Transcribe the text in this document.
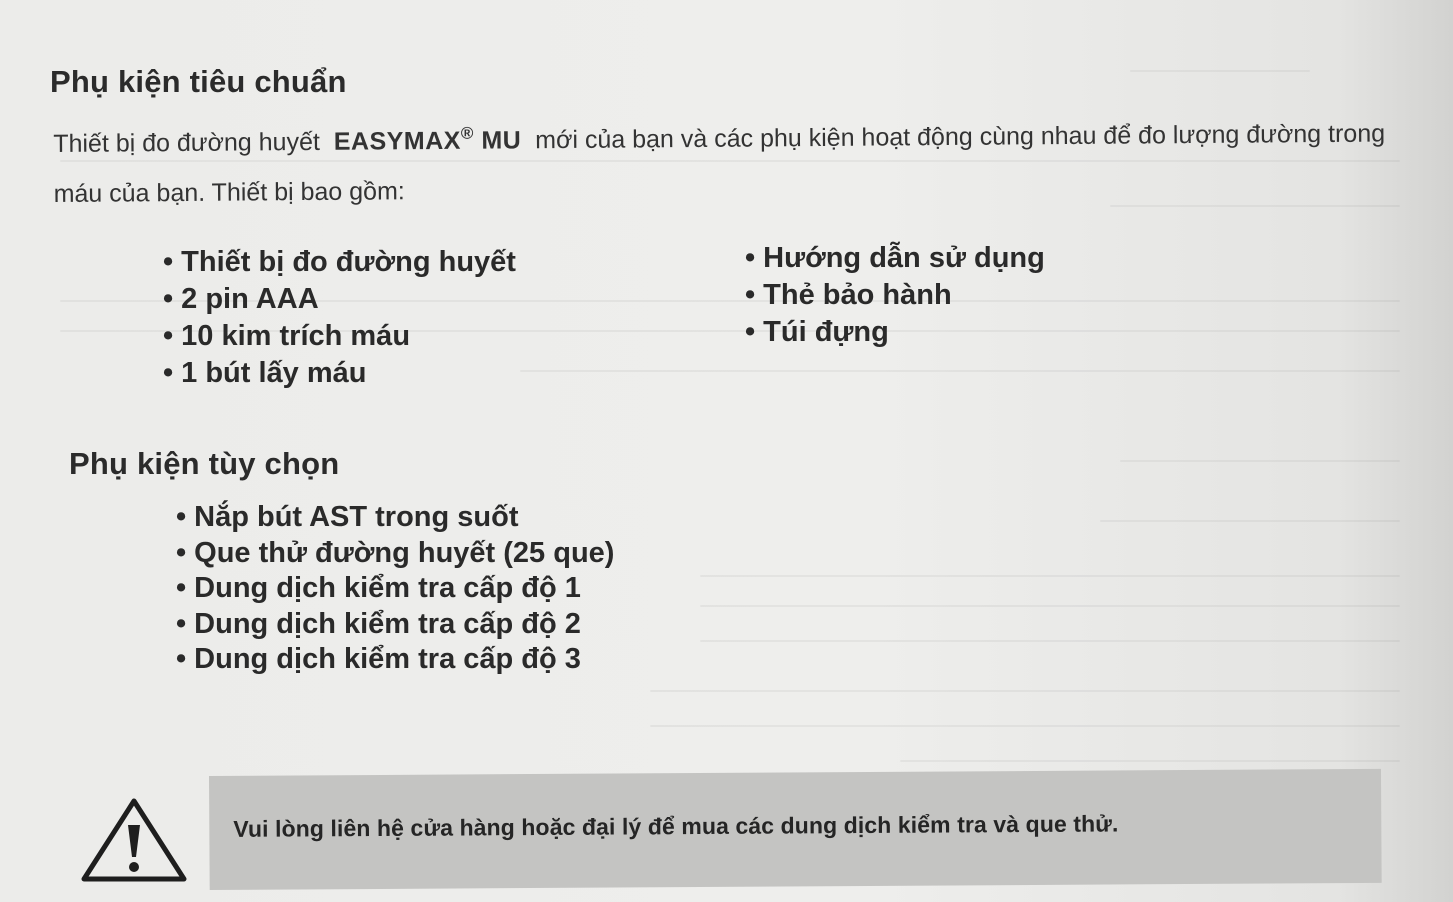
Phụ kiện tiêu chuẩn

Thiết bị đo đường huyết EASYMAX® MU mới của bạn và các phụ kiện hoạt động cùng nhau để đo lượng đường trong máu của bạn. Thiết bị bao gồm:

• Thiết bị đo đường huyết
• 2 pin AAA
• 10 kim trích máu
• 1 bút lấy máu
• Hướng dẫn sử dụng
• Thẻ bảo hành
• Túi đựng
Phụ kiện tùy chọn
• Nắp bút AST trong suốt
• Que thử đường huyết (25 que)
• Dung dịch kiểm tra cấp độ 1
• Dung dịch kiểm tra cấp độ 2
• Dung dịch kiểm tra cấp độ 3
Vui lòng liên hệ cửa hàng hoặc đại lý để mua các dung dịch kiểm tra và que thử.
